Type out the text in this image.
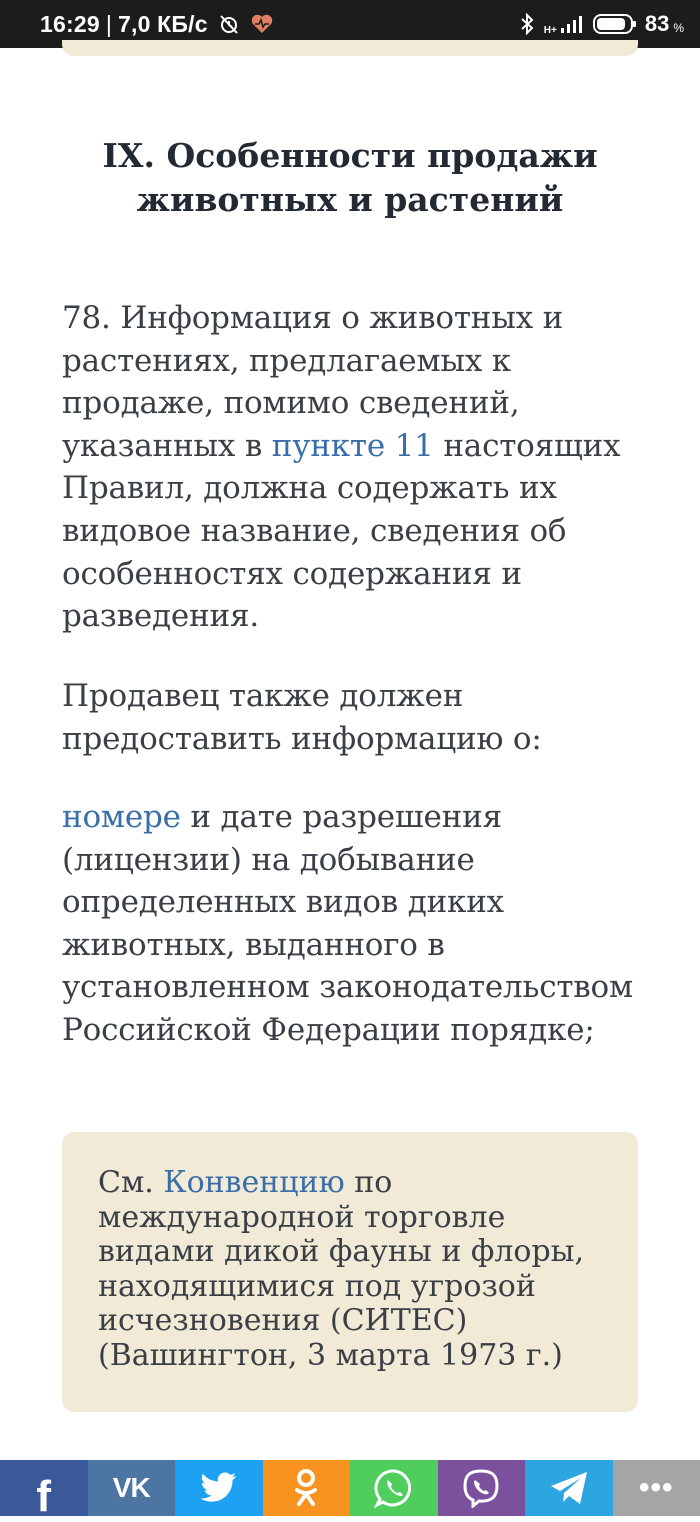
16:29 | 7,0 КБ/с	H+	83 %
IX. Особенности продажи животных и растений

78. Информация о животных и растениях, предлагаемых к продаже, помимо сведений, указанных в пункте 11 настоящих Правил, должна содержать их видовое название, сведения об особенностях содержания и разведения.

Продавец также должен предоставить информацию о:

номере и дате разрешения (лицензии) на добывание определенных видов диких животных, выданного в установленном законодательством Российской Федерации порядке;

См. Конвенцию по международной торговле видами дикой фауны и флоры, находящимися под угрозой исчезновения (СИТЕС) (Вашингтон, 3 марта 1973 г.)
f VK	•••
